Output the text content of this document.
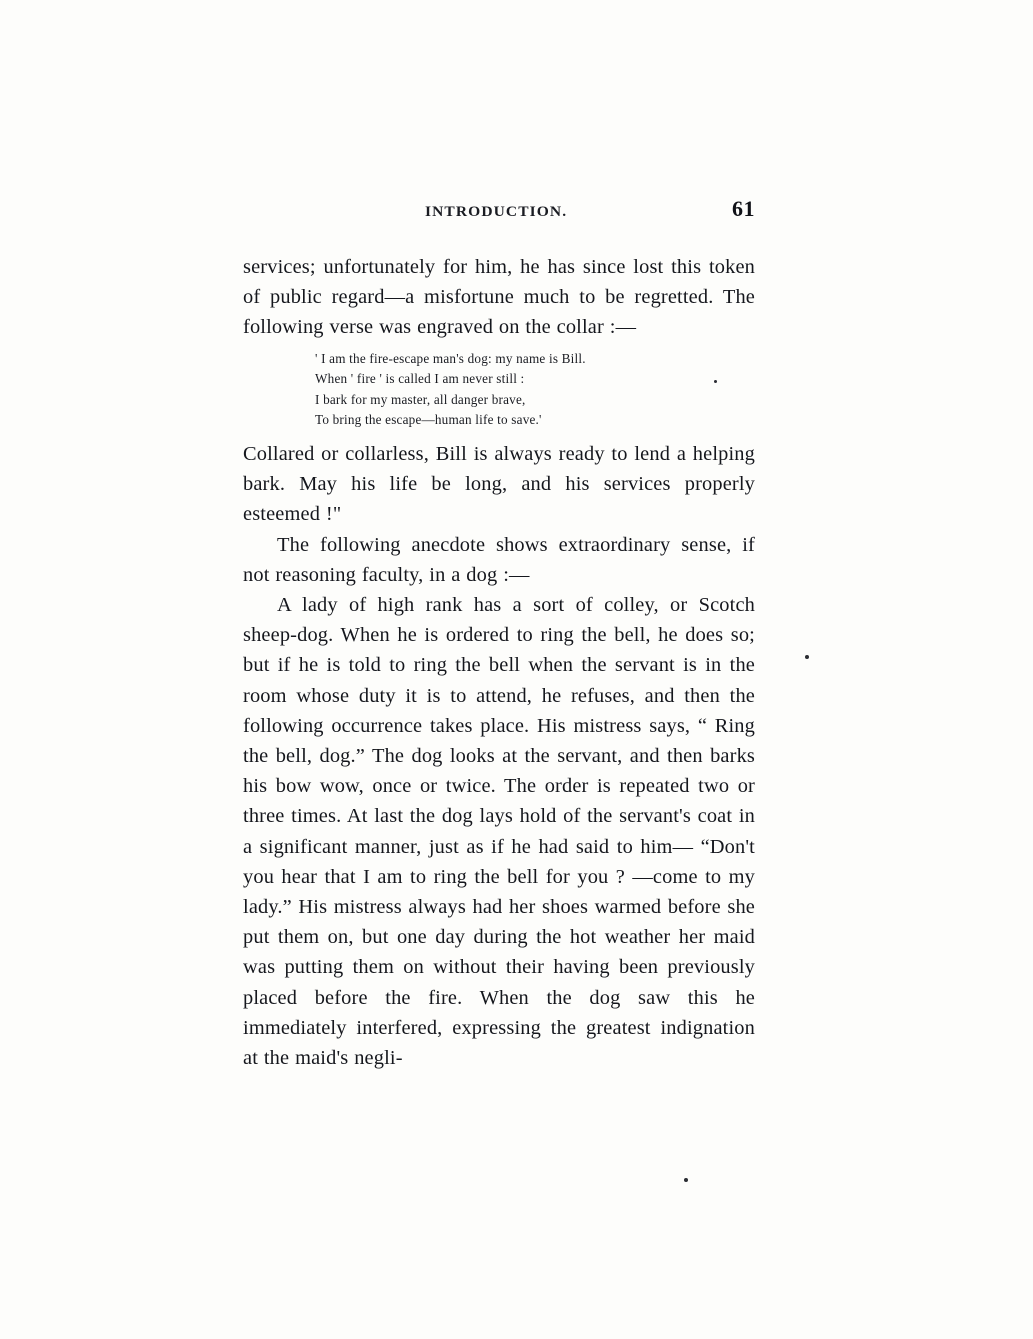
INTRODUCTION.	61

services; unfortunately for him, he has since lost this token of public regard—a misfortune much to be regretted. The following verse was engraved on the collar :—

' I am the fire-escape man's dog: my name is Bill.
When ' fire ' is called I am never still :
I bark for my master, all danger brave,
To bring the escape—human life to save.'

Collared or collarless, Bill is always ready to lend a helping bark. May his life be long, and his services properly esteemed !"

The following anecdote shows extraordinary sense, if not reasoning faculty, in a dog :—

A lady of high rank has a sort of colley, or Scotch sheep-dog. When he is ordered to ring the bell, he does so; but if he is told to ring the bell when the servant is in the room whose duty it is to attend, he refuses, and then the following occurrence takes place. His mistress says, “ Ring the bell, dog.” The dog looks at the servant, and then barks his bow wow, once or twice. The order is repeated two or three times. At last the dog lays hold of the servant's coat in a significant manner, just as if he had said to him— “Don't you hear that I am to ring the bell for you ? —come to my lady.” His mistress always had her shoes warmed before she put them on, but one day during the hot weather her maid was putting them on without their having been previously placed before the fire. When the dog saw this he immediately interfered, expressing the greatest indignation at the maid's negli-
